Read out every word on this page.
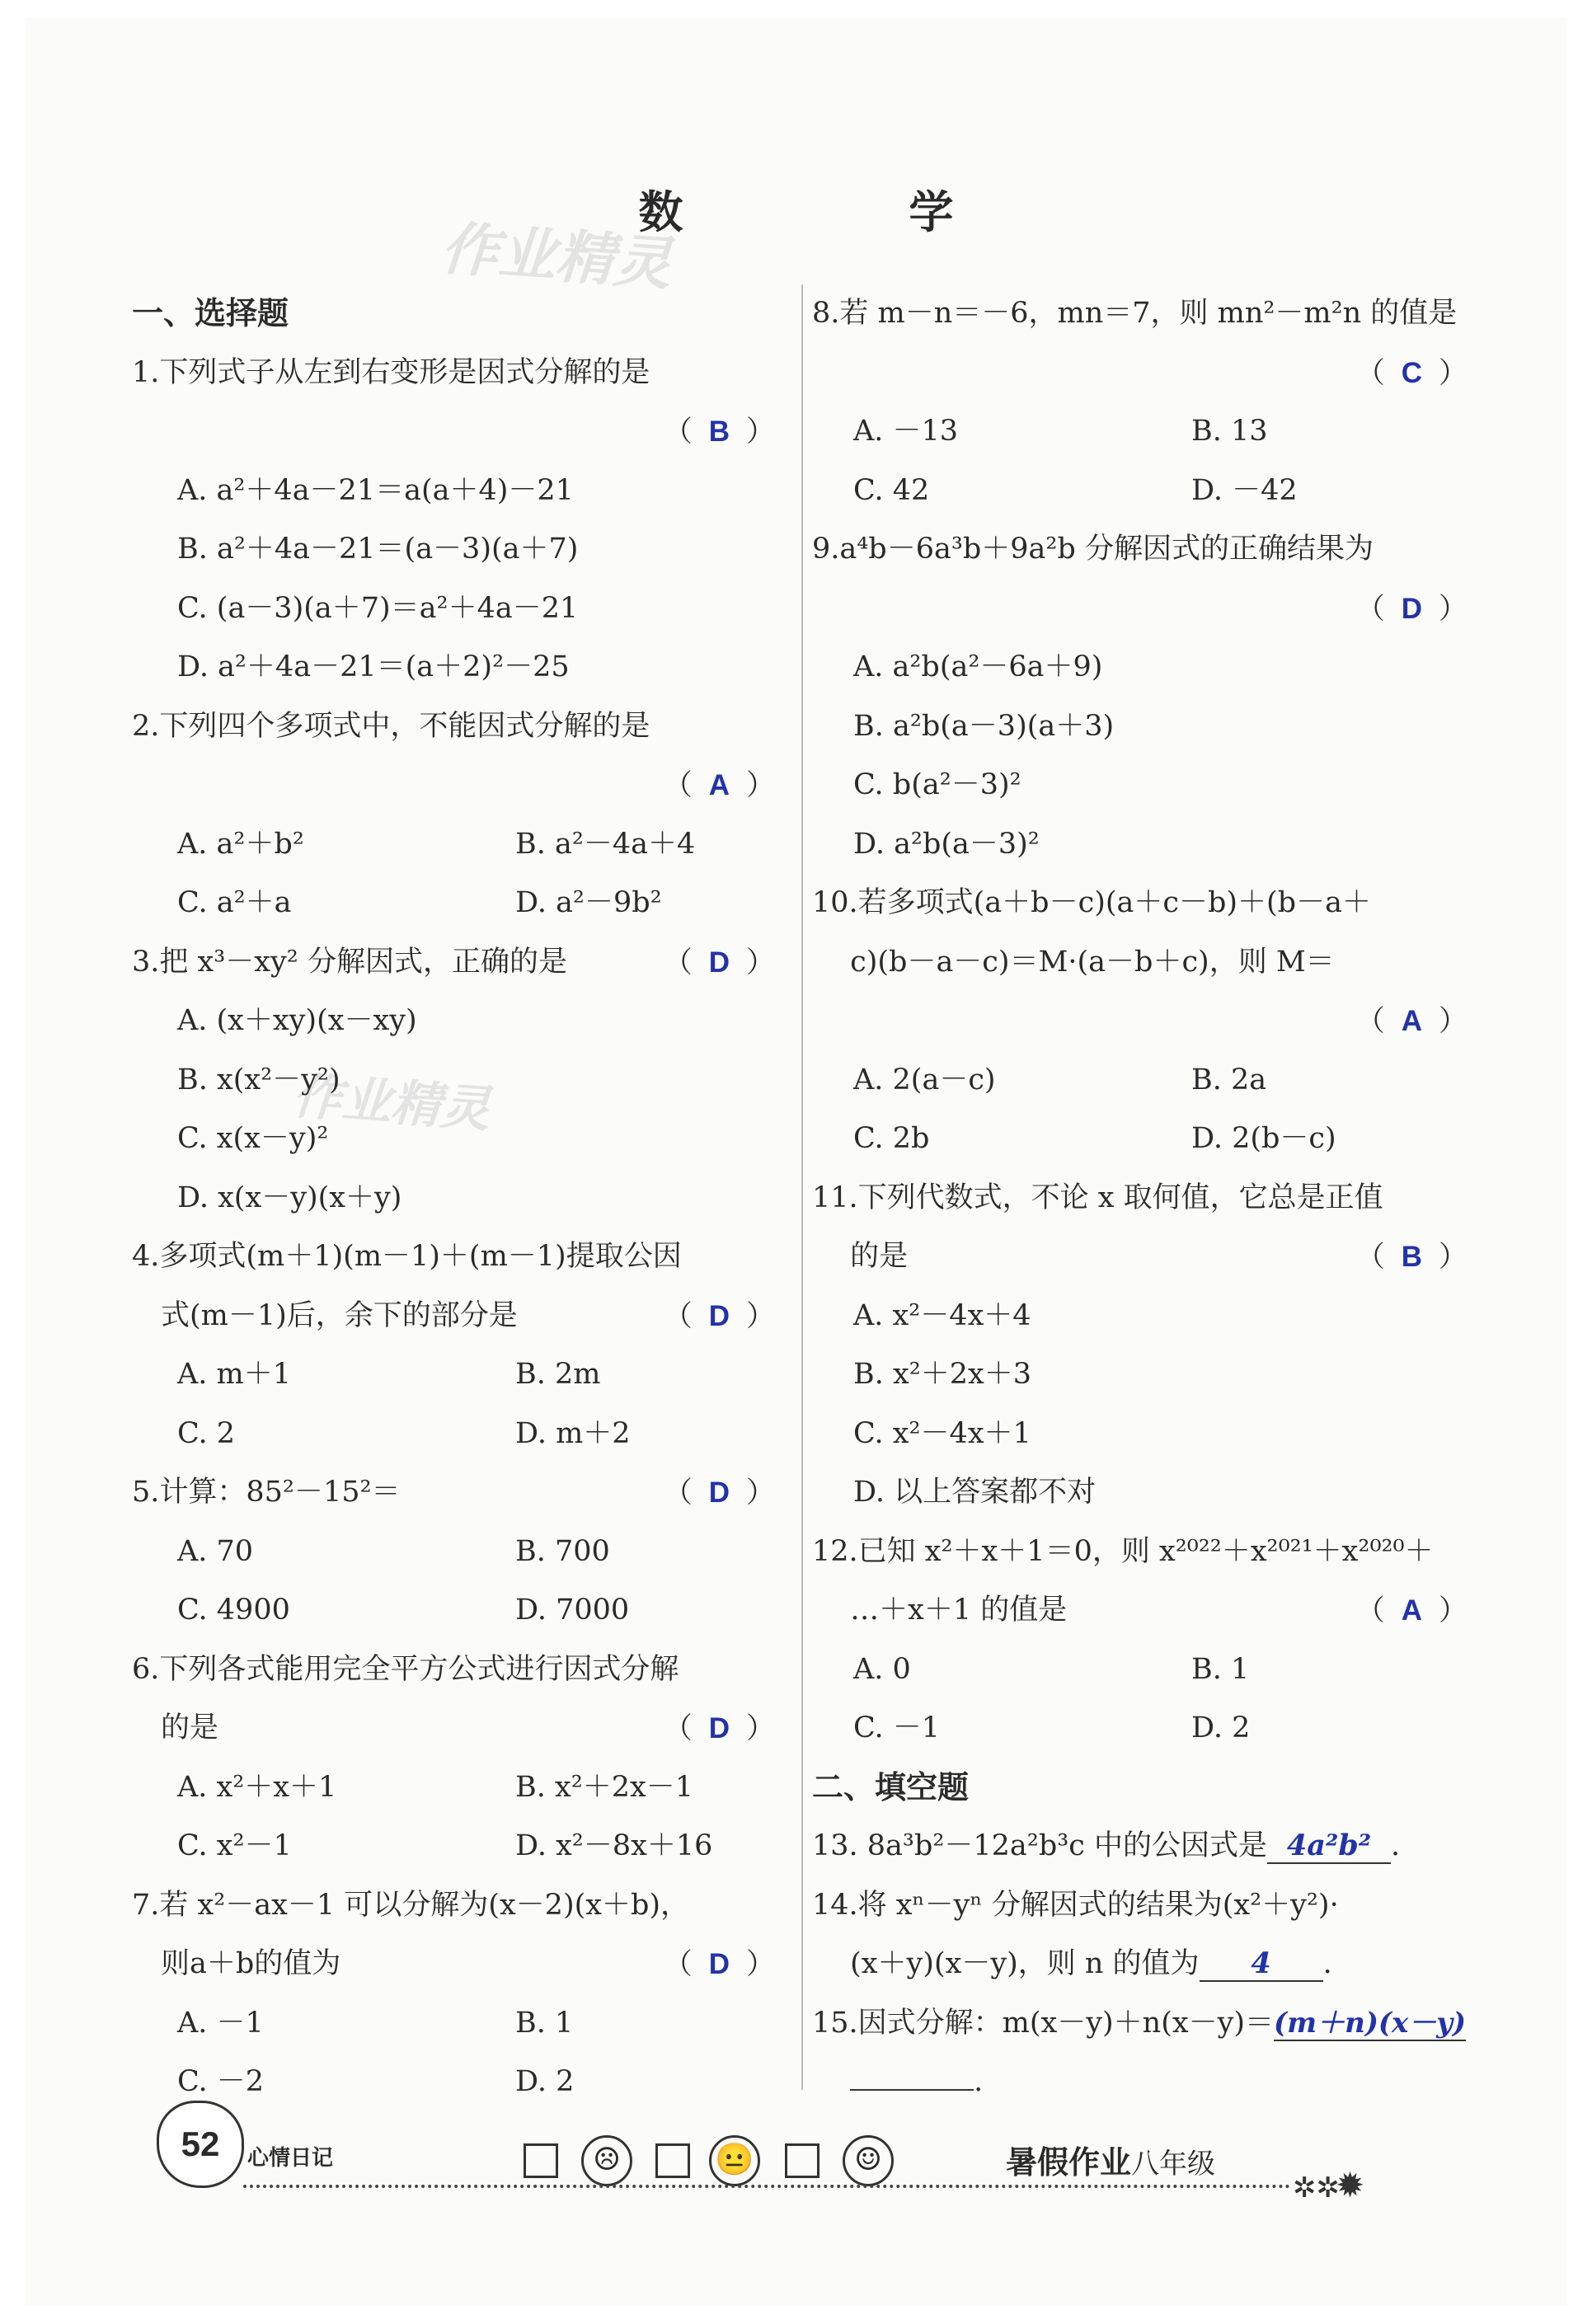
数　学
作业精灵
作业精灵
一、选择题
1.下列式子从左到右变形是因式分解的是
（B ）
A. a²＋4a－21＝a(a＋4)－21
B. a²＋4a－21＝(a－3)(a＋7)
C. (a－3)(a＋7)＝a²＋4a－21
D. a²＋4a－21＝(a＋2)²－25
2.下列四个多项式中，不能因式分解的是
（A ）
A. a²＋b²	B. a²－4a＋4
C. a²＋a	D. a²－9b²
3.把 x³－xy² 分解因式，正确的是	（D ）
A. (x＋xy)(x－xy)
B. x(x²－y²)
C. x(x－y)²
D. x(x－y)(x＋y)
4.多项式(m＋1)(m－1)＋(m－1)提取公因
　式(m－1)后，余下的部分是	（D ）
A. m＋1	B. 2m
C. 2	D. m＋2
5.计算：85²－15²＝	（D ）
A. 70	B. 700
C. 4900	D. 7000
6.下列各式能用完全平方公式进行因式分解
　的是	（D ）
A. x²＋x＋1	B. x²＋2x－1
C. x²－1	D. x²－8x＋16
7.若 x²－ax－1 可以分解为(x－2)(x＋b)，
　则a＋b的值为	（D ）
A. －1	B. 1
C. －2	D. 2
8.若 m－n＝－6，mn＝7，则 mn²－m²n 的值是
（C ）
A. －13	B. 13
C. 42	D. －42
9.a⁴b－6a³b＋9a²b 分解因式的正确结果为
（D ）
A. a²b(a²－6a＋9)
B. a²b(a－3)(a＋3)
C. b(a²－3)²
D. a²b(a－3)²
10.若多项式(a＋b－c)(a＋c－b)＋(b－a＋
　 c)(b－a－c)＝M·(a－b＋c)，则 M＝
（A ）
A. 2(a－c)	B. 2a
C. 2b	D. 2(b－c)
11.下列代数式，不论 x 取何值，它总是正值
　 的是	（B ）
A. x²－4x＋4
B. x²＋2x＋3
C. x²－4x＋1
D. 以上答案都不对
12.已知 x²＋x＋1＝0，则 x²⁰²²＋x²⁰²¹＋x²⁰²⁰＋
　 …＋x＋1 的值是	（A ）
A. 0	B. 1
C. －1	D. 2
二、填空题
13. 8a³b²－12a²b³c 中的公因式是 4a²b² .
14.将 xⁿ－yⁿ 分解因式的结果为(x²＋y²)·
　 (x＋y)(x－y)，则 n 的值为 4 .
15.因式分解：m(x－y)＋n(x－y)＝(m＋n)(x－y)
　 .
52	心情日记	☹	😐	☺	暑假作业八年级
✲✲
✹
